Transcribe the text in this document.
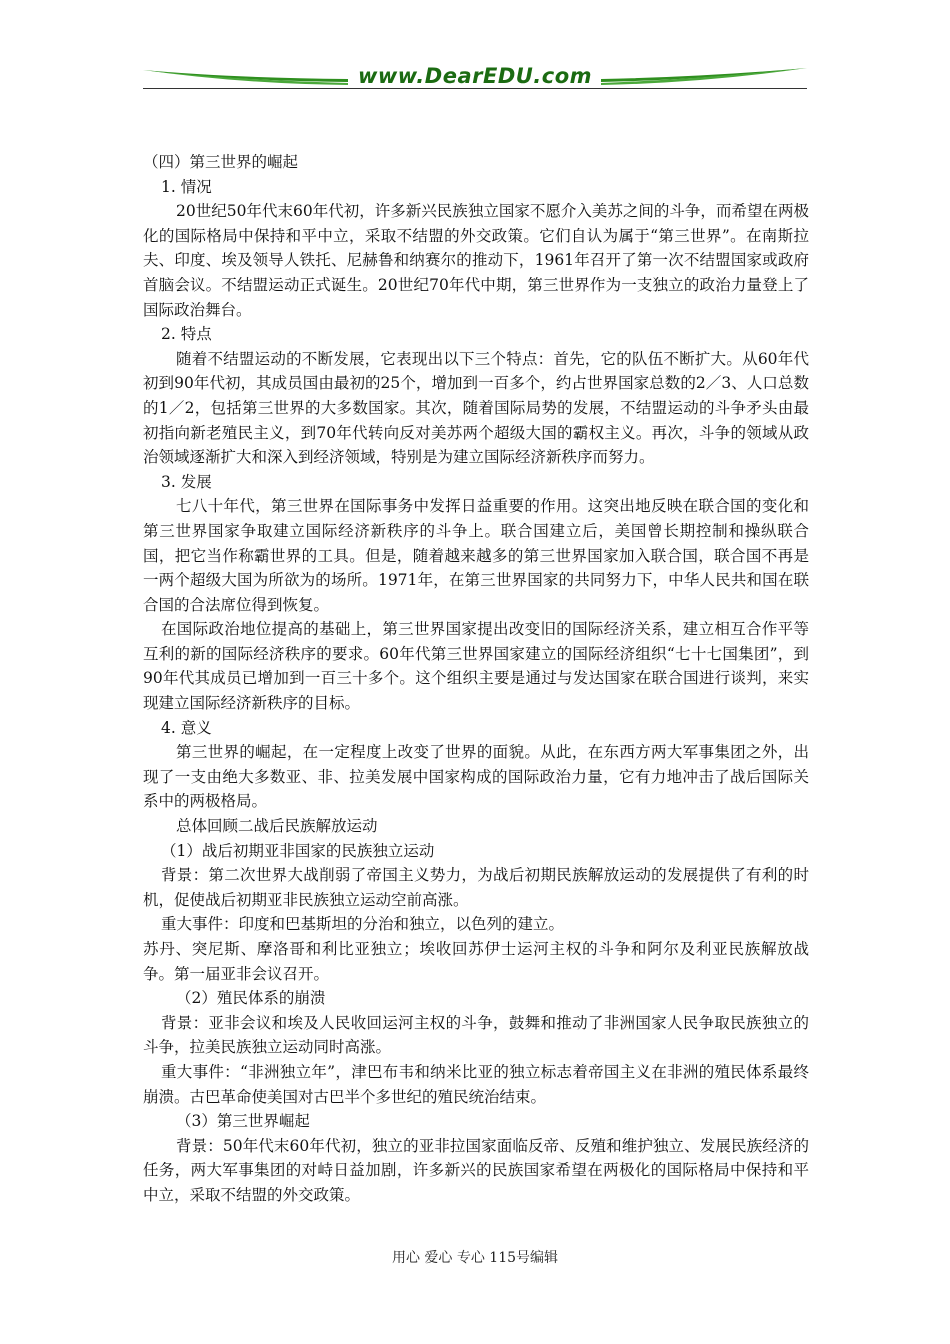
www.DearEDU.com

（四）第三世界的崛起

1. 情况

20世纪50年代末60年代初，许多新兴民族独立国家不愿介入美苏之间的斗争，而希望在两极化的国际格局中保持和平中立，采取不结盟的外交政策。它们自认为属于“第三世界”。在南斯拉夫、印度、埃及领导人铁托、尼赫鲁和纳赛尔的推动下，1961年召开了第一次不结盟国家或政府首脑会议。不结盟运动正式诞生。20世纪70年代中期，第三世界作为一支独立的政治力量登上了国际政治舞台。

2. 特点

随着不结盟运动的不断发展，它表现出以下三个特点：首先，它的队伍不断扩大。从60年代初到90年代初，其成员国由最初的25个，增加到一百多个，约占世界国家总数的2／3、人口总数的1／2，包括第三世界的大多数国家。其次，随着国际局势的发展，不结盟运动的斗争矛头由最初指向新老殖民主义，到70年代转向反对美苏两个超级大国的霸权主义。再次，斗争的领域从政治领域逐渐扩大和深入到经济领域，特别是为建立国际经济新秩序而努力。

3. 发展

七八十年代，第三世界在国际事务中发挥日益重要的作用。这突出地反映在联合国的变化和第三世界国家争取建立国际经济新秩序的斗争上。联合国建立后，美国曾长期控制和操纵联合国，把它当作称霸世界的工具。但是，随着越来越多的第三世界国家加入联合国，联合国不再是一两个超级大国为所欲为的场所。1971年，在第三世界国家的共同努力下，中华人民共和国在联合国的合法席位得到恢复。

在国际政治地位提高的基础上，第三世界国家提出改变旧的国际经济关系，建立相互合作平等互利的新的国际经济秩序的要求。60年代第三世界国家建立的国际经济组织“七十七国集团”，到90年代其成员已增加到一百三十多个。这个组织主要是通过与发达国家在联合国进行谈判，来实现建立国际经济新秩序的目标。

4. 意义

第三世界的崛起，在一定程度上改变了世界的面貌。从此，在东西方两大军事集团之外，出现了一支由绝大多数亚、非、拉美发展中国家构成的国际政治力量，它有力地冲击了战后国际关系中的两极格局。

总体回顾二战后民族解放运动

（1）战后初期亚非国家的民族独立运动

背景：第二次世界大战削弱了帝国主义势力，为战后初期民族解放运动的发展提供了有利的时机，促使战后初期亚非民族独立运动空前高涨。

重大事件：印度和巴基斯坦的分治和独立，以色列的建立。

苏丹、突尼斯、摩洛哥和利比亚独立；埃收回苏伊士运河主权的斗争和阿尔及利亚民族解放战争。第一届亚非会议召开。

（2）殖民体系的崩溃

背景：亚非会议和埃及人民收回运河主权的斗争，鼓舞和推动了非洲国家人民争取民族独立的斗争，拉美民族独立运动同时高涨。

重大事件：“非洲独立年”，津巴布韦和纳米比亚的独立标志着帝国主义在非洲的殖民体系最终崩溃。古巴革命使美国对古巴半个多世纪的殖民统治结束。

（3）第三世界崛起

背景：50年代末60年代初，独立的亚非拉国家面临反帝、反殖和维护独立、发展民族经济的任务，两大军事集团的对峙日益加剧，许多新兴的民族国家希望在两极化的国际格局中保持和平中立，采取不结盟的外交政策。

用心 爱心 专心 115号编辑
